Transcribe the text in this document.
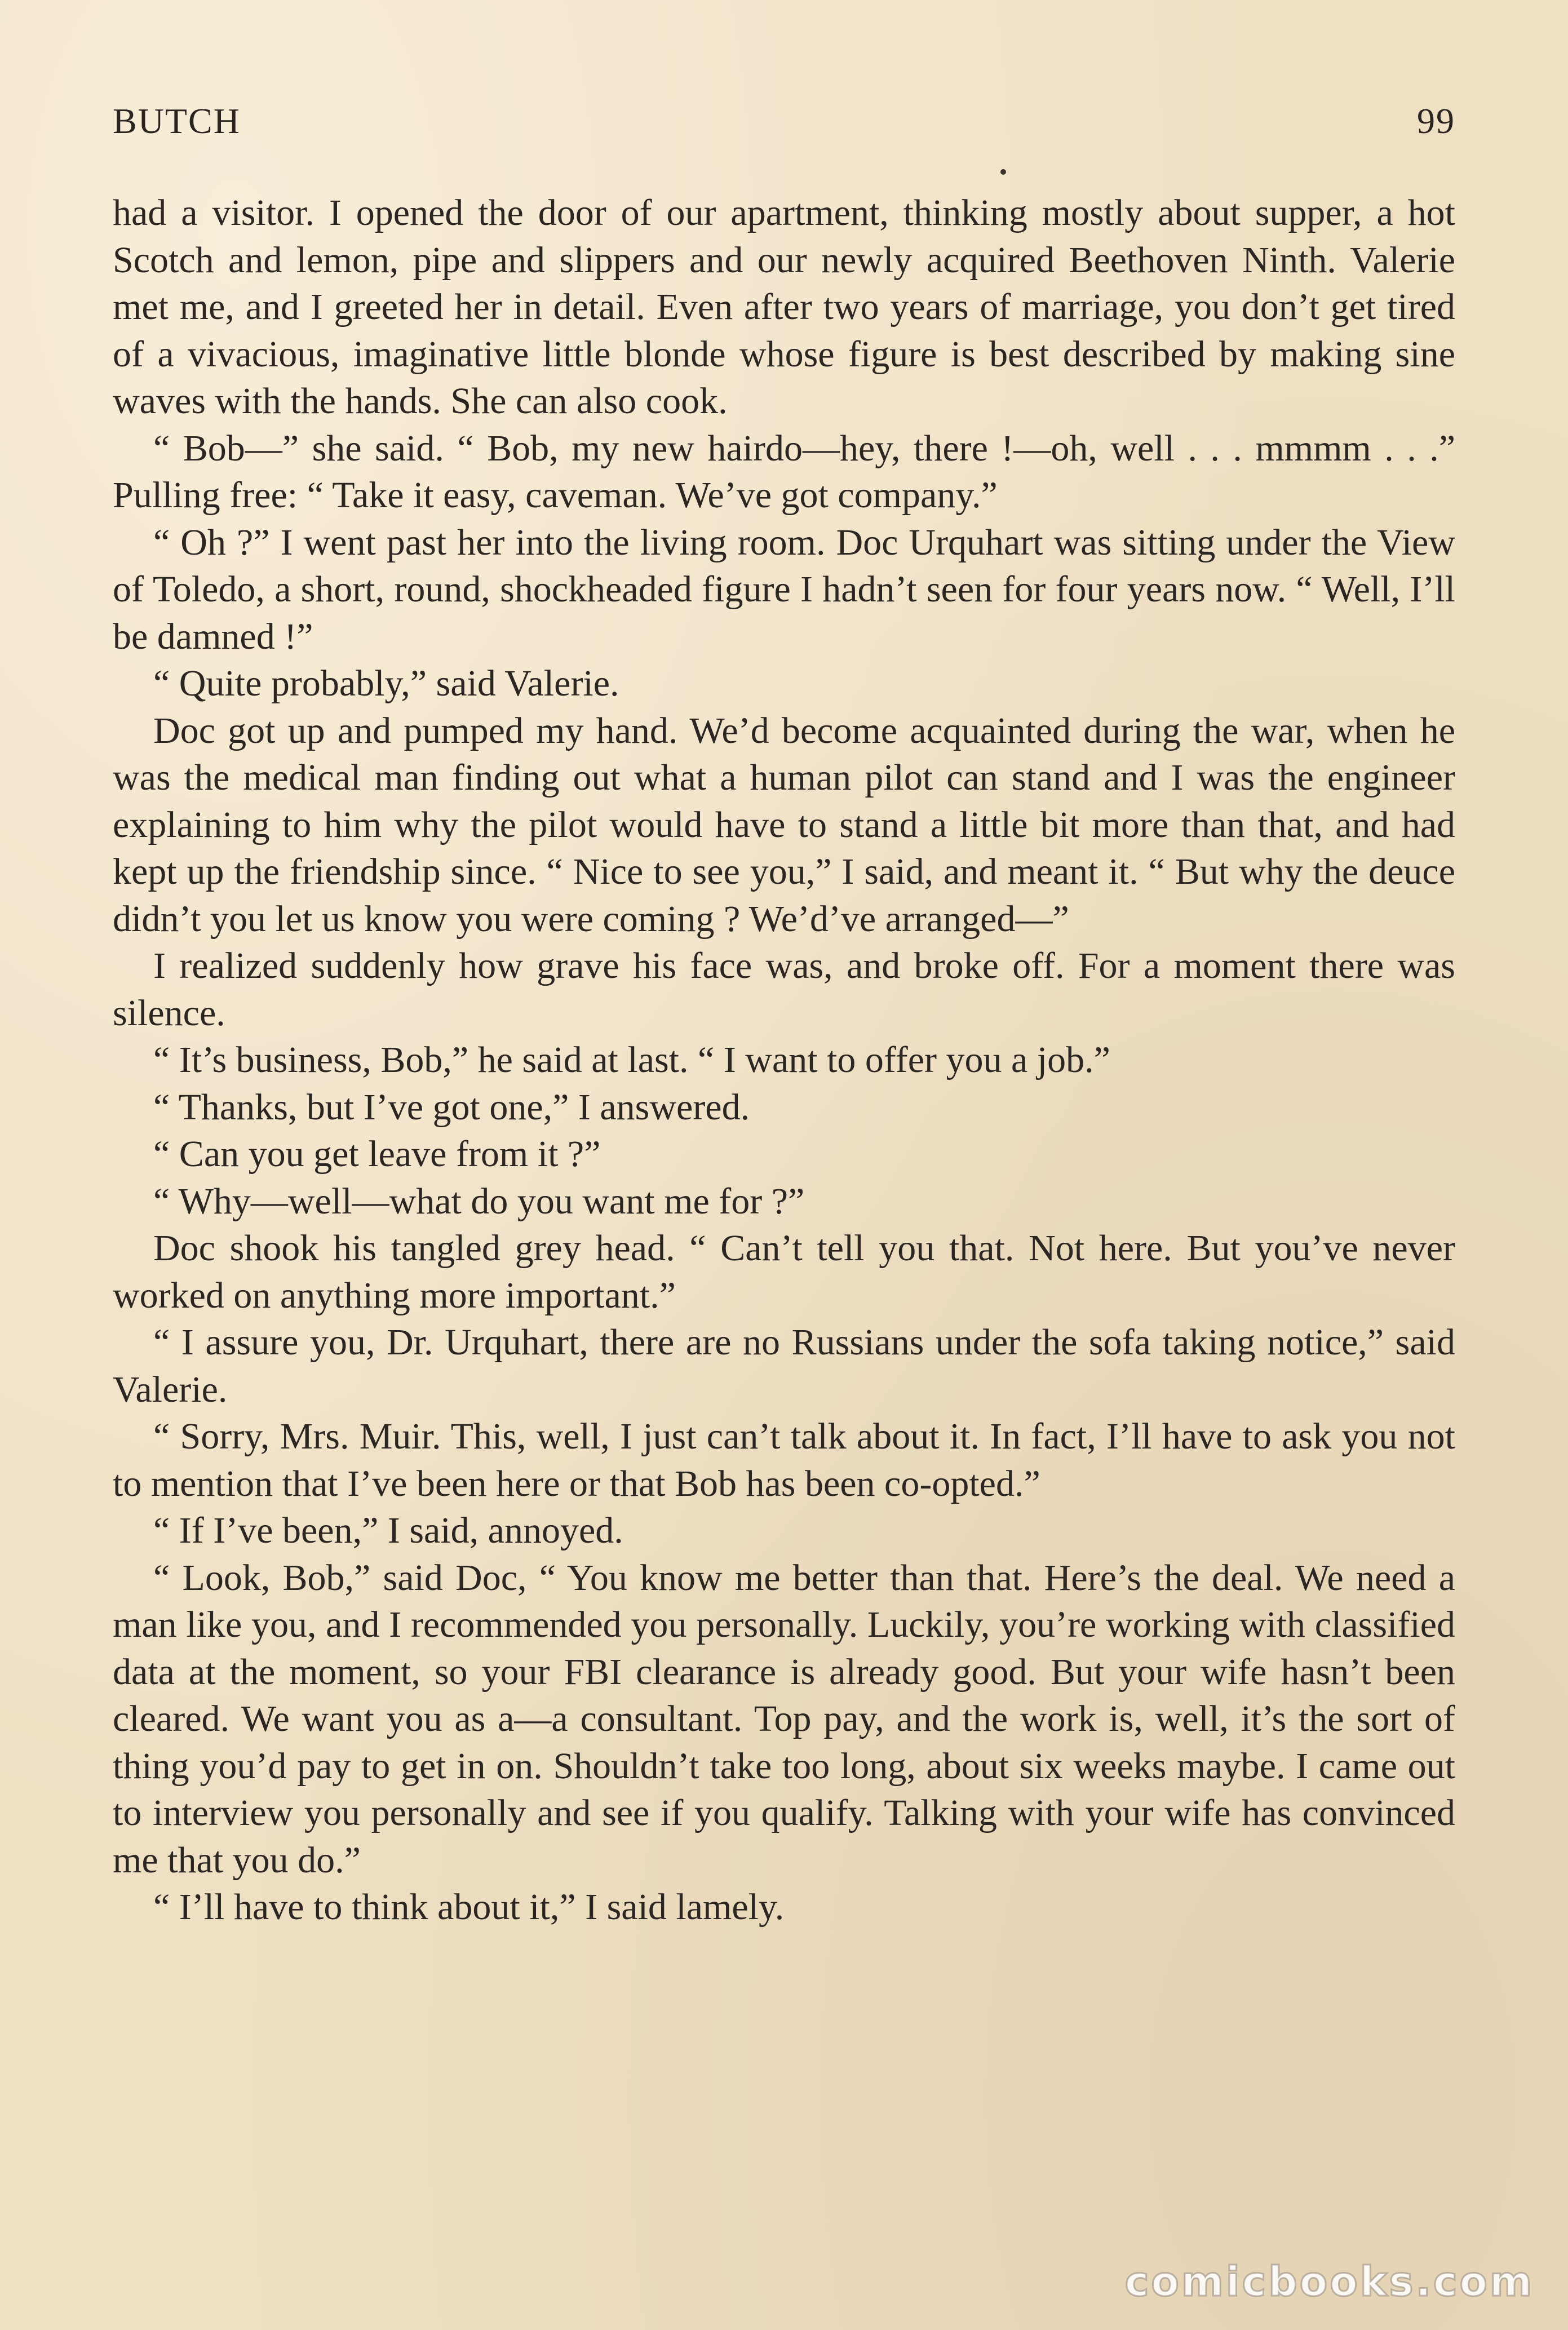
BUTCH	99

had a visitor. I opened the door of our apartment, thinking mostly about supper, a hot Scotch and lemon, pipe and slippers and our newly acquired Beethoven Ninth. Valerie met me, and I greeted her in detail. Even after two years of marriage, you don’t get tired of a vivacious, imaginative little blonde whose figure is best described by making sine waves with the hands. She can also cook.

“ Bob—” she said. “ Bob, my new hairdo—hey, there !—oh, well . . . mmmm . . .” Pulling free: “ Take it easy, caveman. We’ve got company.”

“ Oh ?” I went past her into the living room. Doc Urquhart was sitting under the View of Toledo, a short, round, shockheaded figure I hadn’t seen for four years now. “ Well, I’ll be damned !”

“ Quite probably,” said Valerie.

Doc got up and pumped my hand. We’d become acquainted during the war, when he was the medical man finding out what a human pilot can stand and I was the engineer explaining to him why the pilot would have to stand a little bit more than that, and had kept up the friendship since. “ Nice to see you,” I said, and meant it. “ But why the deuce didn’t you let us know you were coming ? We’d’ve arranged—”

I realized suddenly how grave his face was, and broke off. For a moment there was silence.

“ It’s business, Bob,” he said at last. “ I want to offer you a job.”

“ Thanks, but I’ve got one,” I answered.

“ Can you get leave from it ?”

“ Why—well—what do you want me for ?”

Doc shook his tangled grey head. “ Can’t tell you that. Not here. But you’ve never worked on anything more important.”

“ I assure you, Dr. Urquhart, there are no Russians under the sofa taking notice,” said Valerie.

“ Sorry, Mrs. Muir. This, well, I just can’t talk about it. In fact, I’ll have to ask you not to mention that I’ve been here or that Bob has been co-opted.”

“ If I’ve been,” I said, annoyed.

“ Look, Bob,” said Doc, “ You know me better than that. Here’s the deal. We need a man like you, and I recommended you personally. Luckily, you’re working with classified data at the moment, so your FBI clearance is already good. But your wife hasn’t been cleared. We want you as a—a consultant. Top pay, and the work is, well, it’s the sort of thing you’d pay to get in on. Shouldn’t take too long, about six weeks maybe. I came out to interview you personally and see if you qualify. Talking with your wife has convinced me that you do.”

“ I’ll have to think about it,” I said lamely.

comicbooks.com
